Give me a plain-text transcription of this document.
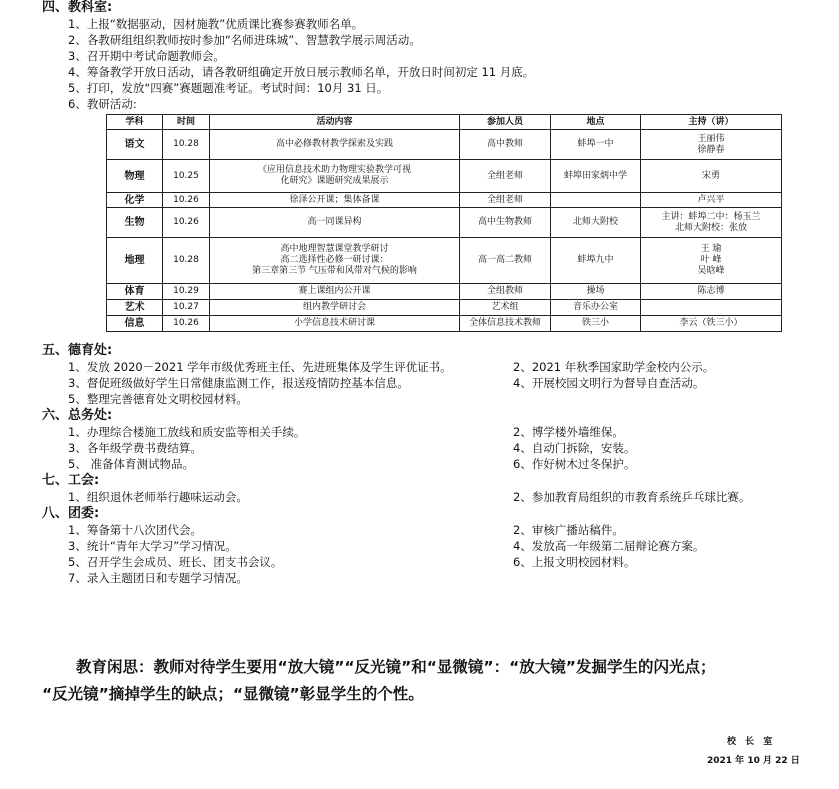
四、教科室:
1、上报“数据驱动，因材施教”优质课比赛参赛教师名单。
2、各教研组组织教师按时参加“名师进珠城”、智慧教学展示周活动。
3、召开期中考试命题教师会。
4、筹备教学开放日活动，请各教研组确定开放日展示教师名单，开放日时间初定 11 月底。
5、打印，发放“四赛”赛题题准考证。考试时间：10月 31 日。
6、教研活动:
学科	时间	活动内容	参加人员	地点	主持（讲）
语文	10.28	高中必修教材教学探索及实践	高中教师	蚌埠一中	王丽伟
徐静春

物理	10.25	《应用信息技术助力物理实验教学可视
化研究》课题研究成果展示	全组老师	蚌埠田家炳中学	宋勇

化学	10.26	徐泽公开课；集体备课	全组老师		卢兴平

生物	10.26	高一同课异构	高中生物教师	北师大附校	主讲：蚌埠二中：杨玉兰
北师大附校：张放

地理	10.28	高中地理智慧课堂教学研讨
高二选择性必修一研讨课：
第三章第三节 气压带和风带对气候的影响	高一高二教师	蚌埠九中	王 瑜
叶 峰
吴晗峰

体育	10.29	赛上课组内公开课	全组教师	操场	陈志博

艺术	10.27	组内教学研讨会	艺术组	音乐办公室	

信息	10.26	小学信息技术研讨课	全体信息技术教师	铁三小	李云（铁三小）
五、德育处:
1、发放 2020－2021 学年市级优秀班主任、先进班集体及学生评优证书。	2、2021 年秋季国家助学金校内公示。
3、督促班级做好学生日常健康监测工作，报送疫情防控基本信息。	4、开展校园文明行为督导自查活动。
5、整理完善德育处文明校园材料。
六、总务处:
1、办理综合楼施工放线和质安监等相关手续。	2、博学楼外墙维保。
3、各年级学费书费结算。	4、自动门拆除，安装。
5、 准备体育测试物品。	6、作好树木过冬保护。
七、工会:
1、组织退休老师举行趣味运动会。	2、参加教育局组织的市教育系统乒乓球比赛。
八、团委:
1、筹备第十八次团代会。	2、审核广播站稿件。
3、统计“青年大学习”学习情况。	4、发放高一年级第二届辩论赛方案。
5、召开学生会成员、班长、团支书会议。	6、上报文明校园材料。
7、录入主题团日和专题学习情况。
教育闲思：教师对待学生要用“放大镜”“反光镜”和“显微镜”：“放大镜”发掘学生的闪光点；
“反光镜”摘掉学生的缺点；“显微镜”彰显学生的个性。
校 长 室
2021 年 10 月 22 日
